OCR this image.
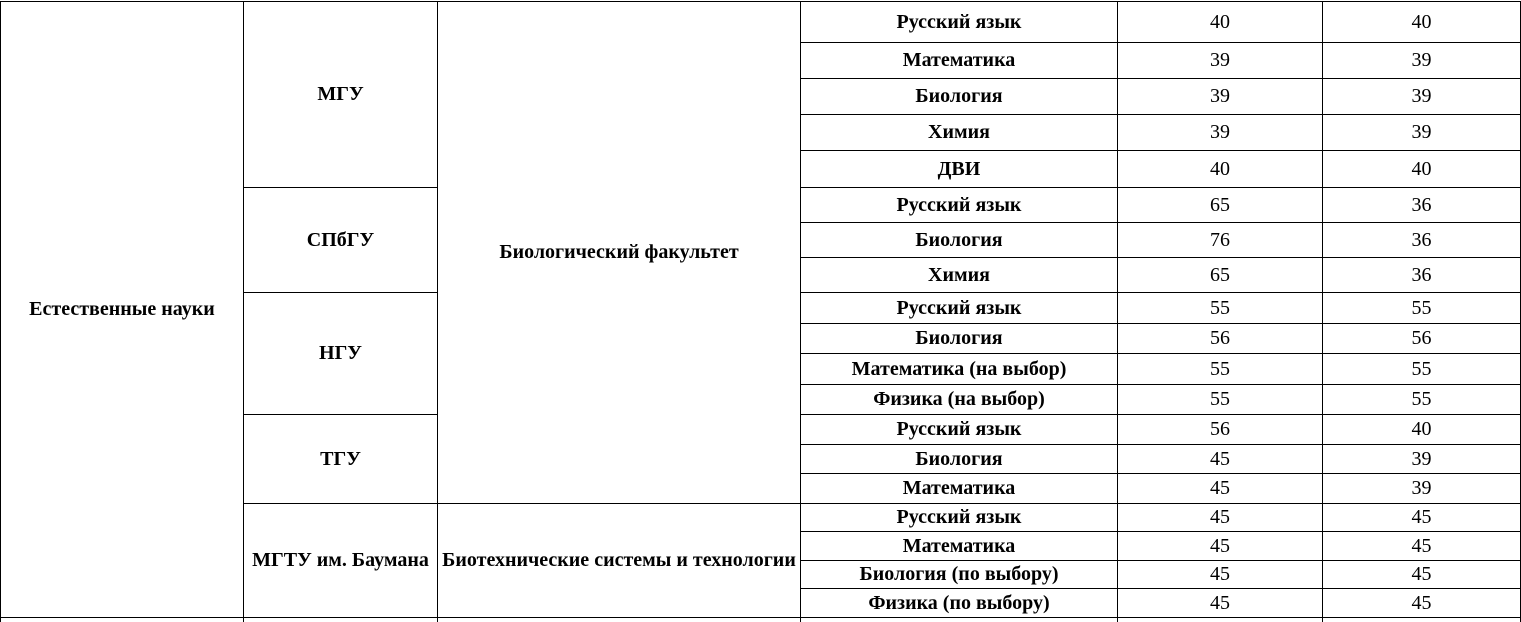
Естественные науки	МГУ	Биологический факультет	Русский язык	40	40
			Математика	39	39
			Биология	39	39
			Химия	39	39
			ДВИ	40	40
	СПбГУ		Русский язык	65	36
			Биология	76	36
			Химия	65	36
	НГУ		Русский язык	55	55
			Биология	56	56
			Математика (на выбор)	55	55
			Физика (на выбор)	55	55
	ТГУ		Русский язык	56	40
			Биология	45	39
			Математика	45	39
	МГТУ им. Баумана	Биотехнические системы и технологии	Русский язык	45	45
			Математика	45	45
			Биология (по выбору)	45	45
			Физика (по выбору)	45	45
